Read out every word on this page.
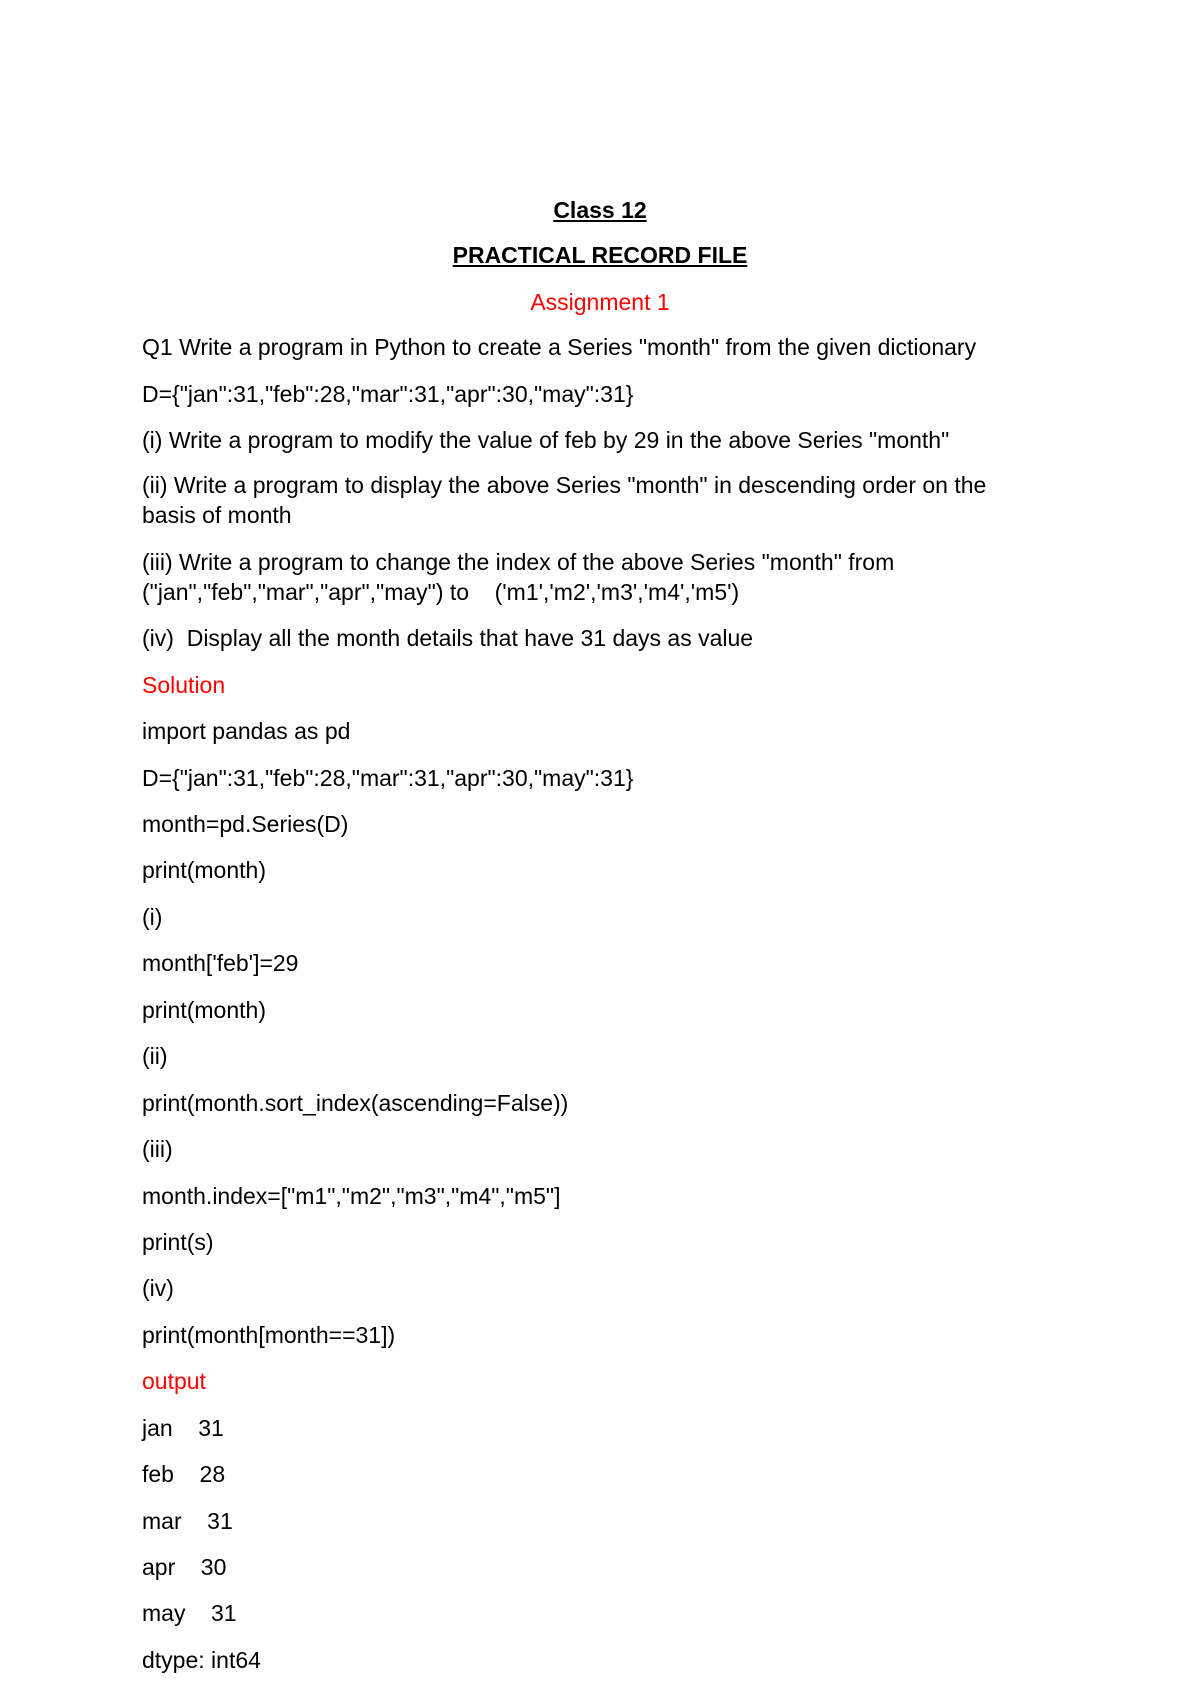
Class 12

PRACTICAL RECORD FILE

Assignment 1

Q1 Write a program in Python to create a Series "month" from the given dictionary

D={"jan":31,"feb":28,"mar":31,"apr":30,"may":31}

(i) Write a program to modify the value of feb by 29 in the above Series "month"

(ii) Write a program to display the above Series "month" in descending order on the

basis of month

(iii) Write a program to change the index of the above Series "month" from

("jan","feb","mar","apr","may") to    ('m1','m2','m3','m4','m5')

(iv)  Display all the month details that have 31 days as value

Solution

import pandas as pd

D={"jan":31,"feb":28,"mar":31,"apr":30,"may":31}

month=pd.Series(D)

print(month)

(i)

month['feb']=29

print(month)

(ii)

print(month.sort_index(ascending=False))

(iii)

month.index=["m1","m2","m3","m4","m5"]

print(s)

(iv)

print(month[month==31])

output

jan    31

feb    28

mar    31

apr    30

may    31

dtype: int64
